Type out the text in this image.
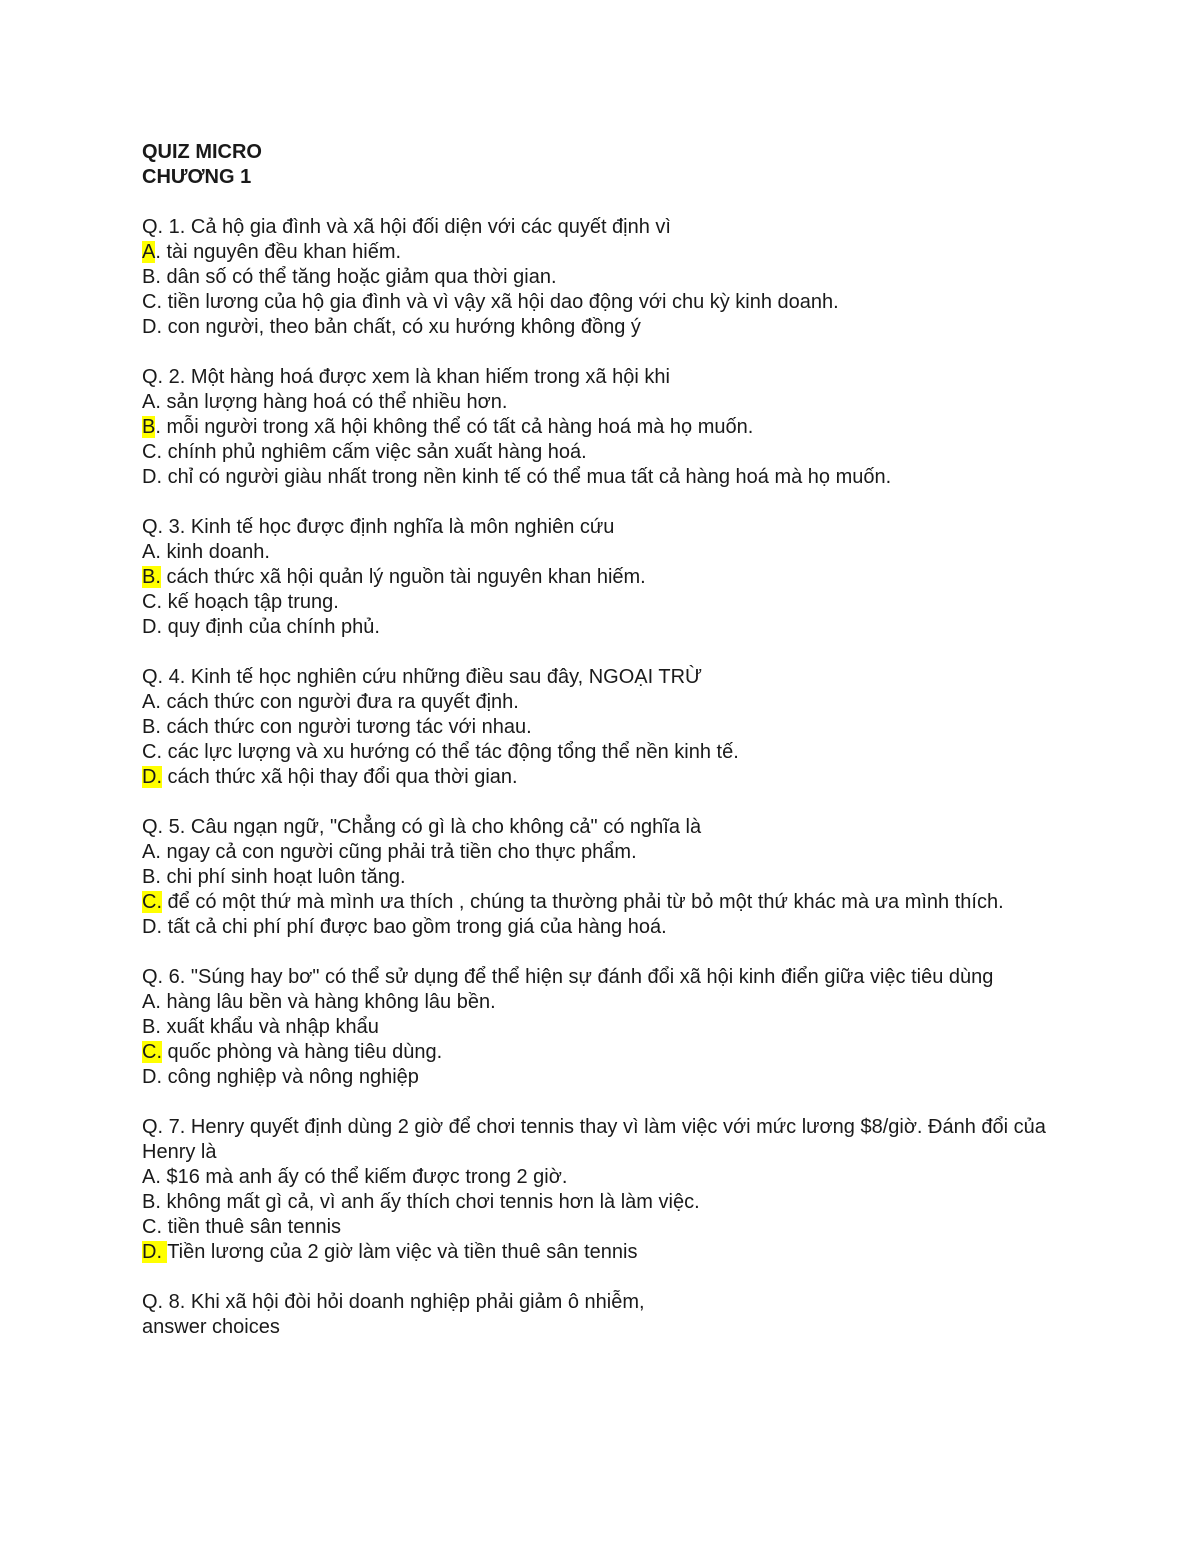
QUIZ MICRO

CHƯƠNG 1

Q. 1. Cả hộ gia đình và xã hội đối diện với các quyết định vì

A. tài nguyên đều khan hiếm.

B. dân số có thể tăng hoặc giảm qua thời gian.

C. tiền lương của hộ gia đình và vì vậy xã hội dao động với chu kỳ kinh doanh.

D. con người, theo bản chất, có xu hướng không đồng ý

Q. 2. Một hàng hoá được xem là khan hiếm trong xã hội khi

A. sản lượng hàng hoá có thể nhiều hơn.

B. mỗi người trong xã hội không thể có tất cả hàng hoá mà họ muốn.

C. chính phủ nghiêm cấm việc sản xuất hàng hoá.

D. chỉ có người giàu nhất trong nền kinh tế có thể mua tất cả hàng hoá mà họ muốn.

Q. 3. Kinh tế học được định nghĩa là môn nghiên cứu

A. kinh doanh.

B. cách thức xã hội quản lý nguồn tài nguyên khan hiếm.

C. kế hoạch tập trung.

D. quy định của chính phủ.

Q. 4. Kinh tế học nghiên cứu những điều sau đây, NGOẠI TRỪ

A. cách thức con người đưa ra quyết định.

B. cách thức con người tương tác với nhau.

C. các lực lượng và xu hướng có thể tác động tổng thể nền kinh tế.

D. cách thức xã hội thay đổi qua thời gian.

Q. 5. Câu ngạn ngữ, "Chẳng có gì là cho không cả" có nghĩa là

A. ngay cả con người cũng phải trả tiền cho thực phẩm.

B. chi phí sinh hoạt luôn tăng.

C. để có một thứ mà mình ưa thích , chúng ta thường phải từ bỏ một thứ khác mà ưa mình thích.

D. tất cả chi phí phí được bao gồm trong giá của hàng hoá.

Q. 6. "Súng hay bơ" có thể sử dụng để thể hiện sự đánh đổi xã hội kinh điển giữa việc tiêu dùng

A. hàng lâu bền và hàng không lâu bền.

B. xuất khẩu và nhập khẩu

C. quốc phòng và hàng tiêu dùng.

D. công nghiệp và nông nghiệp

Q. 7. Henry quyết định dùng 2 giờ để chơi tennis thay vì làm việc với mức lương $8/giờ. Đánh đổi của Henry là

A. $16 mà anh ấy có thể kiếm được trong 2 giờ.

B. không mất gì cả, vì anh ấy thích chơi tennis hơn là làm việc.

C. tiền thuê sân tennis

D. Tiền lương của 2 giờ làm việc và tiền thuê sân tennis

Q. 8. Khi xã hội đòi hỏi doanh nghiệp phải giảm ô nhiễm,

answer choices
